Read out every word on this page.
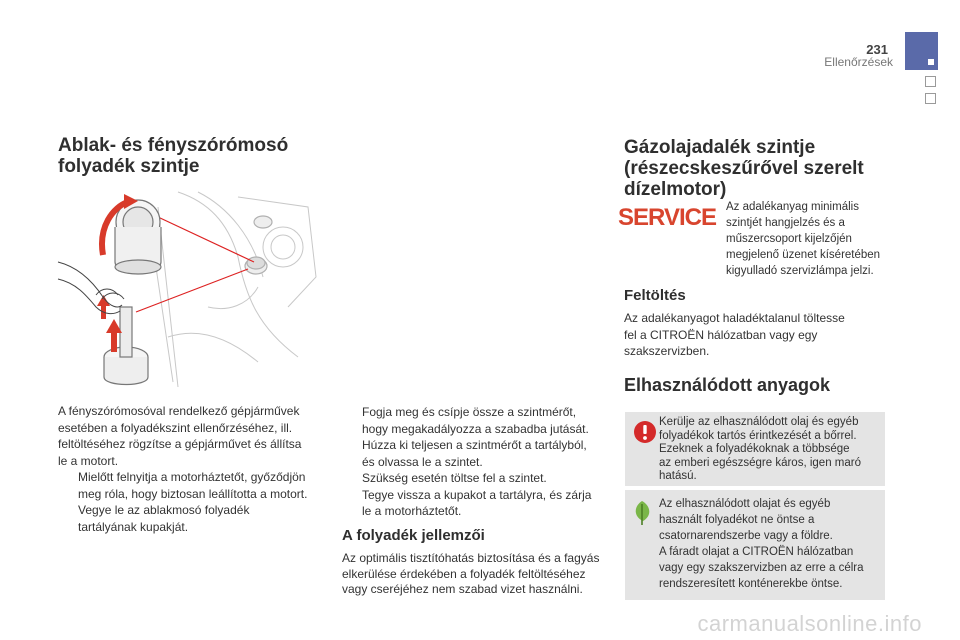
231
Ellenőrzések
Ablak- és fényszórómosó
folyadék szintje
A fényszórómosóval rendelkező gépjárművek
esetében a folyadékszint ellenőrzéséhez, ill.
feltöltéséhez rögzítse a gépjárművet és állítsa
le a motort.
Mielőtt felnyitja a motorháztetőt, győződjön
meg róla, hogy biztosan leállította a motort.
Vegye le az ablakmosó folyadék
tartályának kupakját.
Fogja meg és csípje össze a szintmérőt,
hogy megakadályozza a szabadba jutását.
Húzza ki teljesen a szintmérőt a tartályból,
és olvassa le a szintet.
Szükség esetén töltse fel a szintet.
Tegye vissza a kupakot a tartályra, és zárja
le a motorháztetőt.
A folyadék jellemzői
Az optimális tisztítóhatás biztosítása és a fagyás
elkerülése érdekében a folyadék feltöltéséhez
vagy cseréjéhez nem szabad vizet használni.
Gázolajadalék szintje
(részecskeszűrővel szerelt
dízelmotor)
SERVICE Az adalékanyag minimális
szintjét hangjelzés és a
műszercsoport kijelzőjén
megjelenő üzenet kíséretében
kigyulladó szervizlámpa jelzi.
Feltöltés
Az adalékanyagot haladéktalanul töltesse
fel a CITROËN hálózatban vagy egy
szakszervizben.
Elhasználódott anyagok
Kerülje az elhasználódott olaj és egyéb
folyadékok tartós érintkezését a bőrrel.
Ezeknek a folyadékoknak a többsége
az emberi egészségre káros, igen maró
hatású.
Az elhasználódott olajat és egyéb
használt folyadékot ne öntse a
csatornarendszerbe vagy a földre.
A fáradt olajat a CITROËN hálózatban
vagy egy szakszervizben az erre a célra
rendszeresített konténerekbe öntse.
carmanualsonline.info
